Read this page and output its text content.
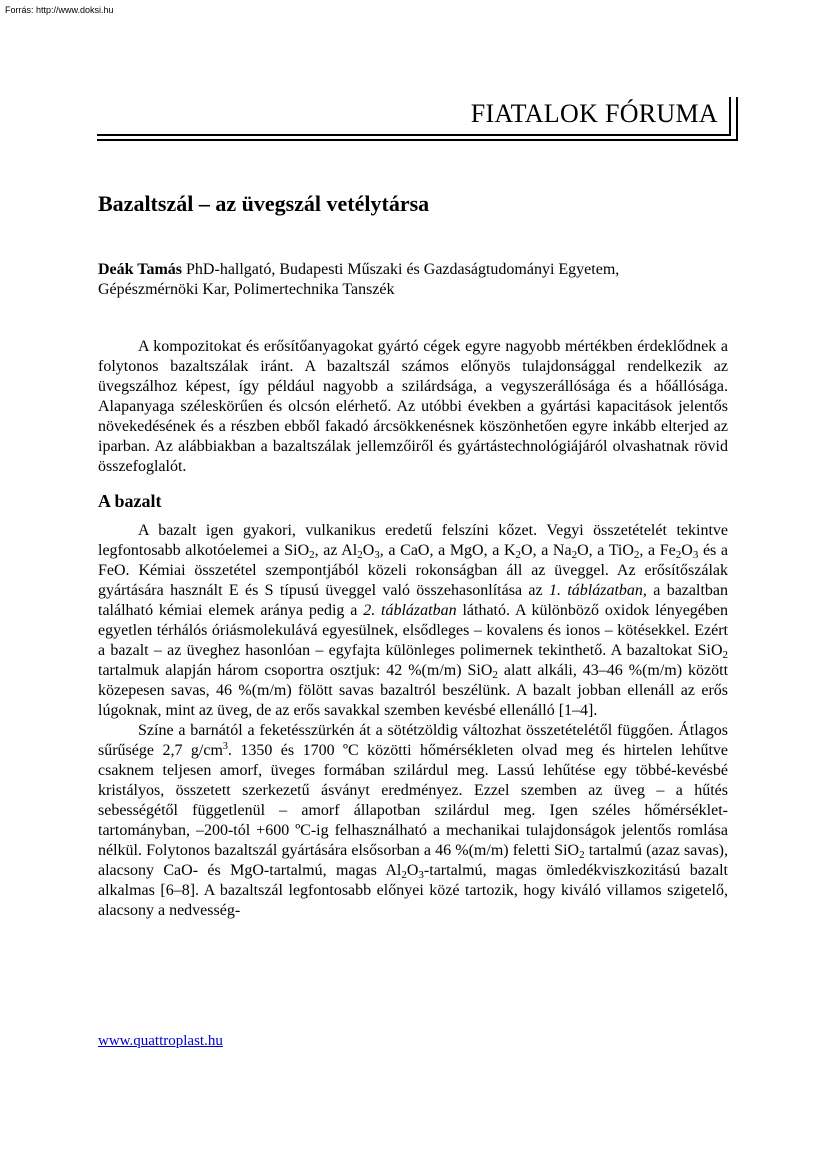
Forrás: http://www.doksi.hu
FIATALOK FÓRUMA
Bazaltszál – az üvegszál vetélytársa
Deák Tamás PhD-hallgató, Budapesti Műszaki és Gazdaságtudományi Egyetem,
Gépészmérnöki Kar, Polimertechnika Tanszék

A kompozitokat és erősítőanyagokat gyártó cégek egyre nagyobb mértékben érdeklődnek a folytonos bazaltszálak iránt. A bazaltszál számos előnyös tulajdonsággal rendelkezik az üvegszálhoz képest, így például nagyobb a szilárdsága, a vegyszerállósága és a hőállósága. Alapanyaga széleskörűen és olcsón elérhető. Az utóbbi években a gyártási kapacitások jelentős növekedésének és a részben ebből fakadó árcsökkenésnek köszönhetően egyre inkább elterjed az iparban. Az alábbiakban a bazaltszálak jellemzőiről és gyártástechnológiájáról olvashatnak rövid összefoglalót.

A bazalt

A bazalt igen gyakori, vulkanikus eredetű felszíni kőzet. Vegyi összetételét tekintve legfontosabb alkotóelemei a SiO$_2$, az $Al_2O_3$, a CaO, a MgO, a $K_2O$, a $Na_2O$, a TiO$_2$, a $Fe_2O_3$ és a FeO. Kémiai összetétel szempontjából közeli rokonságban áll az üveggel. Az erősítőszálak gyártására használt E és S típusú üveggel való összehasonlítása az 1. táblázatban, a bazaltban található kémiai elemek aránya pedig a 2. táblázatban látható. A különböző oxidok lényegében egyetlen térhálós óriásmolekulává egyesülnek, elsődleges – kovalens és ionos – kötésekkel. Ezért a bazalt – az üveghez hasonlóan – egyfajta különleges polimernek tekinthető. A bazaltokat SiO$_2$ tartalmuk alapján három csoportra osztjuk: 42 %(m/m) SiO$_2$ alatt alkáli, 43–46 %(m/m) között közepesen savas, 46 %(m/m) fölött savas bazaltról beszélünk. A bazalt jobban ellenáll az erős lúgoknak, mint az üveg, de az erős savakkal szemben kevésbé ellenálló [1–4].

Színe a barnától a feketésszürkén át a sötétzöldig változhat összetételétől függően. Átlagos sűrűsége 2,7 $g/cm^3$. 1350 és 1700 ºC közötti hőmérsékleten olvad meg és hirtelen lehűtve csaknem teljesen amorf, üveges formában szilárdul meg. Lassú lehűtése egy többé-kevésbé kristályos, összetett szerkezetű ásványt eredményez. Ezzel szemben az üveg – a hűtés sebességétől függetlenül – amorf állapotban szilárdul meg. Igen széles hőmérséklet-tartományban, –200-tól +600 ºC-ig felhasználható a mechanikai tulajdonságok jelentős romlása nélkül. Folytonos bazaltszál gyártására elsősorban a 46 %(m/m) feletti SiO$_2$ tartalmú (azaz savas), alacsony CaO- és MgO-tartalmú, magas $Al_2O_3$-tartalmú, magas ömledékviszkozitású bazalt alkalmas [6–8]. A bazaltszál legfontosabb előnyei közé tartozik, hogy kiváló villamos szigetelő, alacsony a nedvesség-

www.quattroplast.hu
